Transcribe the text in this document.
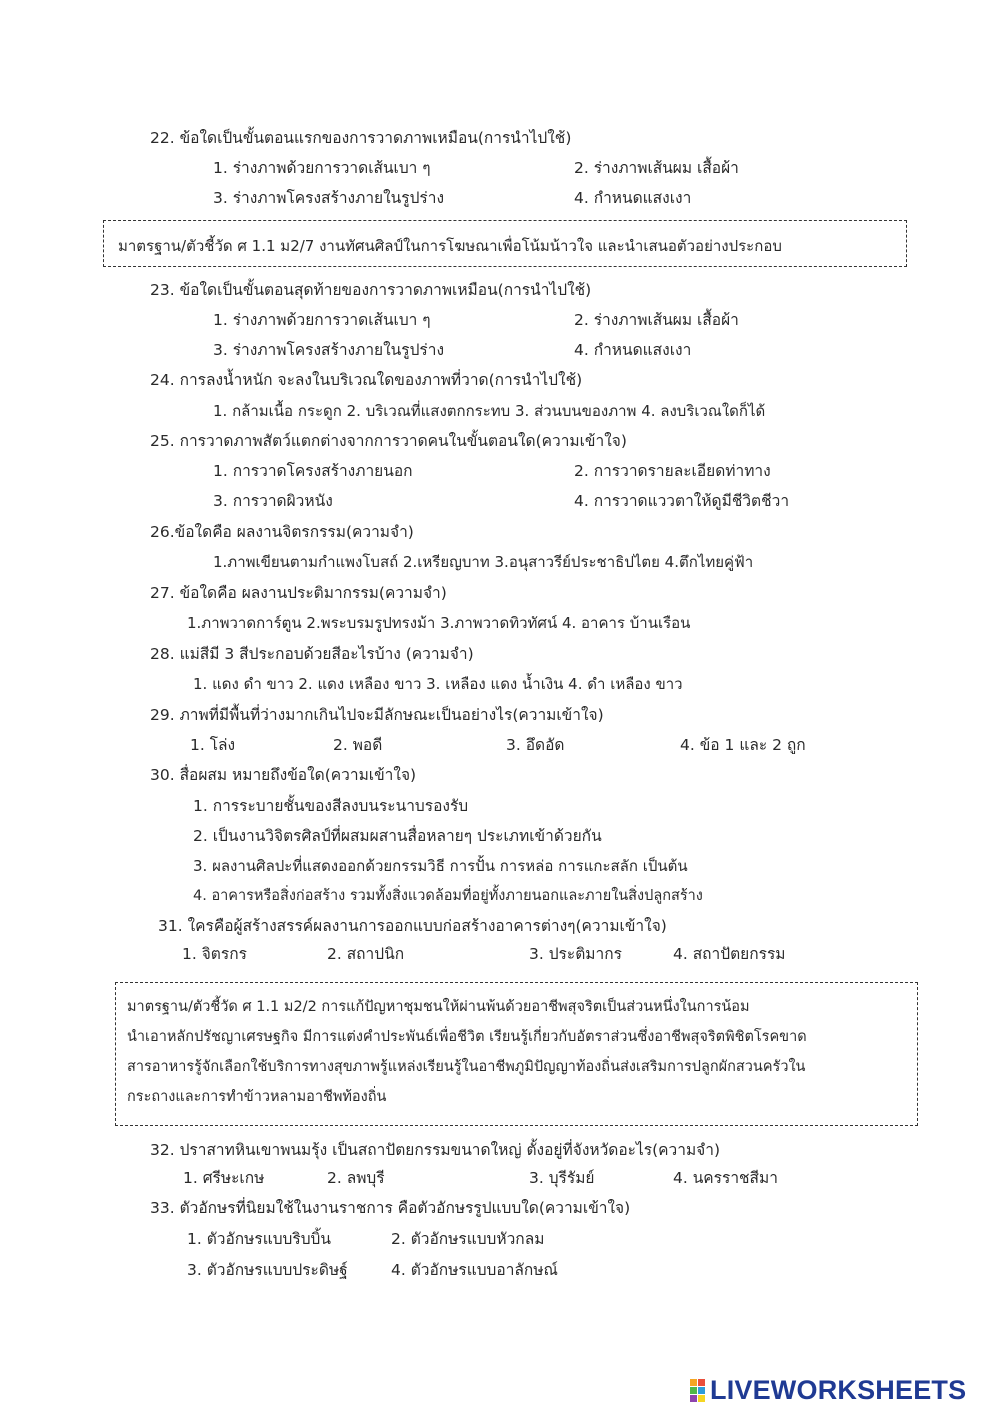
22. ข้อใดเป็นขั้นตอนแรกของการวาดภาพเหมือน(การนำไปใช้)
1. ร่างภาพด้วยการวาดเส้นเบา ๆ	2. ร่างภาพเส้นผม เสื้อผ้า
3. ร่างภาพโครงสร้างภายในรูปร่าง	4. กำหนดแสงเงา
มาตรฐาน/ตัวชี้วัด ศ 1.1 ม2/7 งานทัศนศิลป์ในการโฆษณาเพื่อโน้มน้าวใจ และนำเสนอตัวอย่างประกอบ
23. ข้อใดเป็นขั้นตอนสุดท้ายของการวาดภาพเหมือน(การนำไปใช้)
1. ร่างภาพด้วยการวาดเส้นเบา ๆ	2. ร่างภาพเส้นผม เสื้อผ้า
3. ร่างภาพโครงสร้างภายในรูปร่าง	4. กำหนดแสงเงา
24. การลงน้ำหนัก จะลงในบริเวณใดของภาพที่วาด(การนำไปใช้)
1. กล้ามเนื้อ กระดูก 2. บริเวณที่แสงตกกระทบ 3. ส่วนบนของภาพ 4. ลงบริเวณใดก็ได้
25. การวาดภาพสัตว์แตกต่างจากการวาดคนในขั้นตอนใด(ความเข้าใจ)
1. การวาดโครงสร้างภายนอก	2. การวาดรายละเอียดท่าทาง
3. การวาดผิวหนัง	4. การวาดแววตาให้ดูมีชีวิตชีวา
26.ข้อใดคือ ผลงานจิตรกรรม(ความจำ)
1.ภาพเขียนตามกำแพงโบสถ์ 2.เหรียญบาท 3.อนุสาวรีย์ประชาธิปไตย 4.ตึกไทยคู่ฟ้า
27. ข้อใดคือ ผลงานประติมากรรม(ความจำ)
1.ภาพวาดการ์ตูน 2.พระบรมรูปทรงม้า 3.ภาพวาดทิวทัศน์ 4. อาคาร บ้านเรือน
28. แม่สีมี 3 สีประกอบด้วยสีอะไรบ้าง (ความจำ)
1. แดง ดำ ขาว 2. แดง เหลือง ขาว 3. เหลือง แดง น้ำเงิน 4. ดำ เหลือง ขาว
29. ภาพที่มีพื้นที่ว่างมากเกินไปจะมีลักษณะเป็นอย่างไร(ความเข้าใจ)
1. โล่ง	2. พอดี	3. อึดอัด	4. ข้อ 1 และ 2 ถูก
30. สื่อผสม หมายถึงข้อใด(ความเข้าใจ)
1. การระบายชั้นของสีลงบนระนาบรองรับ
2. เป็นงานวิจิตรศิลป์ที่ผสมผสานสื่อหลายๆ ประเภทเข้าด้วยกัน
3. ผลงานศิลปะที่แสดงออกด้วยกรรมวิธี การปั้น การหล่อ การแกะสลัก เป็นต้น
4. อาคารหรือสิ่งก่อสร้าง รวมทั้งสิ่งแวดล้อมที่อยู่ทั้งภายนอกและภายในสิ่งปลูกสร้าง
31. ใครคือผู้สร้างสรรค์ผลงานการออกแบบก่อสร้างอาคารต่างๆ(ความเข้าใจ)
1. จิตรกร	2. สถาปนิก	3. ประติมากร	4. สถาปัตยกรรม
มาตรฐาน/ตัวชี้วัด ศ 1.1 ม2/2 การแก้ปัญหาชุมชนให้ผ่านพ้นด้วยอาชีพสุจริตเป็นส่วนหนึ่งในการน้อม
นำเอาหลักปรัชญาเศรษฐกิจ มีการแต่งคำประพันธ์เพื่อชีวิต เรียนรู้เกี่ยวกับอัตราส่วนซึ่งอาชีพสุจริตพิชิตโรคขาด
สารอาหารรู้จักเลือกใช้บริการทางสุขภาพรู้แหล่งเรียนรู้ในอาชีพภูมิปัญญาท้องถิ่นส่งเสริมการปลูกผักสวนครัวใน
กระถางและการทำข้าวหลามอาชีพท้องถิ่น
32. ปราสาทหินเขาพนมรุ้ง เป็นสถาปัตยกรรมขนาดใหญ่ ตั้งอยู่ที่จังหวัดอะไร(ความจำ)
1. ศรีษะเกษ	2. ลพบุรี	3. บุรีรัมย์	4. นครราชสีมา
33. ตัวอักษรที่นิยมใช้ในงานราชการ คือตัวอักษรรูปแบบใด(ความเข้าใจ)
1. ตัวอักษรแบบริบบิ้น	2. ตัวอักษรแบบหัวกลม
3. ตัวอักษรแบบประดิษฐ์	4. ตัวอักษรแบบอาลักษณ์
LIVEWORKSHEETS
